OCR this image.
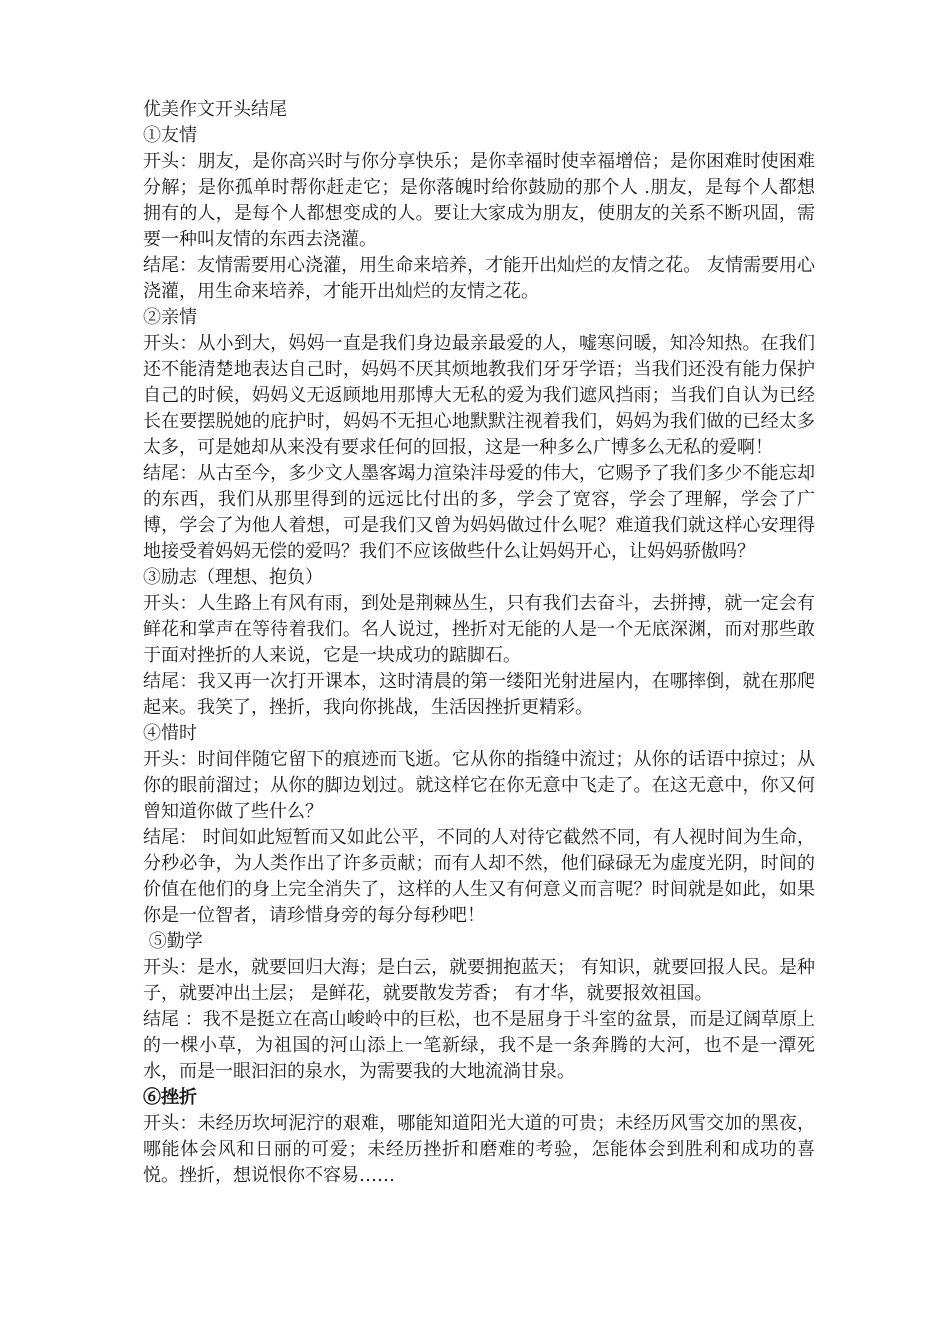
优美作文开头结尾

①友情

开头：朋友，是你高兴时与你分享快乐；是你幸福时使幸福增倍；是你困难时使困难分解；是你孤单时帮你赶走它；是你落魄时给你鼓励的那个人 .朋友，是每个人都想拥有的人，是每个人都想变成的人。要让大家成为朋友，使朋友的关系不断巩固，需要一种叫友情的东西去浇灌。

结尾：友情需要用心浇灌，用生命来培养，才能开出灿烂的友情之花。 友情需要用心浇灌，用生命来培养，才能开出灿烂的友情之花。

②亲情

开头：从小到大，妈妈一直是我们身边最亲最爱的人，嘘寒问暖，知冷知热。在我们还不能清楚地表达自己时，妈妈不厌其烦地教我们牙牙学语；当我们还没有能力保护自己的时候，妈妈义无返顾地用那博大无私的爱为我们遮风挡雨；当我们自认为已经长在要摆脱她的庇护时，妈妈不无担心地默默注视着我们，妈妈为我们做的已经太多太多，可是她却从来没有要求任何的回报，这是一种多么广博多么无私的爱啊！

结尾：从古至今，多少文人墨客竭力渲染沣母爱的伟大，它赐予了我们多少不能忘却的东西，我们从那里得到的远远比付出的多，学会了宽容，学会了理解，学会了广博，学会了为他人着想，可是我们又曾为妈妈做过什么呢？难道我们就这样心安理得地接受着妈妈无偿的爱吗？我们不应该做些什么让妈妈开心，让妈妈骄傲吗？

③励志（理想、抱负）

开头：人生路上有风有雨，到处是荆棘丛生，只有我们去奋斗，去拼搏，就一定会有鲜花和掌声在等待着我们。名人说过，挫折对无能的人是一个无底深渊，而对那些敢于面对挫折的人来说，它是一块成功的踮脚石。

结尾：我又再一次打开课本，这时清晨的第一缕阳光射进屋内，在哪摔倒，就在那爬起来。我笑了，挫折，我向你挑战，生活因挫折更精彩。

④惜时

开头：时间伴随它留下的痕迹而飞逝。它从你的指缝中流过；从你的话语中掠过；从你的眼前溜过；从你的脚边划过。就这样它在你无意中飞走了。在这无意中，你又何曾知道你做了些什么？

结尾： 时间如此短暂而又如此公平，不同的人对待它截然不同，有人视时间为生命，分秒必争，为人类作出了许多贡献；而有人却不然，他们碌碌无为虚度光阴，时间的价值在他们的身上完全消失了，这样的人生又有何意义而言呢？时间就是如此，如果你是一位智者，请珍惜身旁的每分每秒吧！

⑤勤学

开头：是水，就要回归大海；是白云，就要拥抱蓝天； 有知识，就要回报人民。是种子，就要冲出土层； 是鲜花，就要散发芳香； 有才华，就要报效祖国。

结尾 ：我不是挺立在高山峻岭中的巨松，也不是屈身于斗室的盆景，而是辽阔草原上的一棵小草，为祖国的河山添上一笔新绿，我不是一条奔腾的大河，也不是一潭死水，而是一眼汩汩的泉水，为需要我的大地流淌甘泉。

⑥挫折

开头：未经历坎坷泥泞的艰难，哪能知道阳光大道的可贵；未经历风雪交加的黑夜，哪能体会风和日丽的可爱；未经历挫折和磨难的考验，怎能体会到胜利和成功的喜悦。挫折，想说恨你不容易……
